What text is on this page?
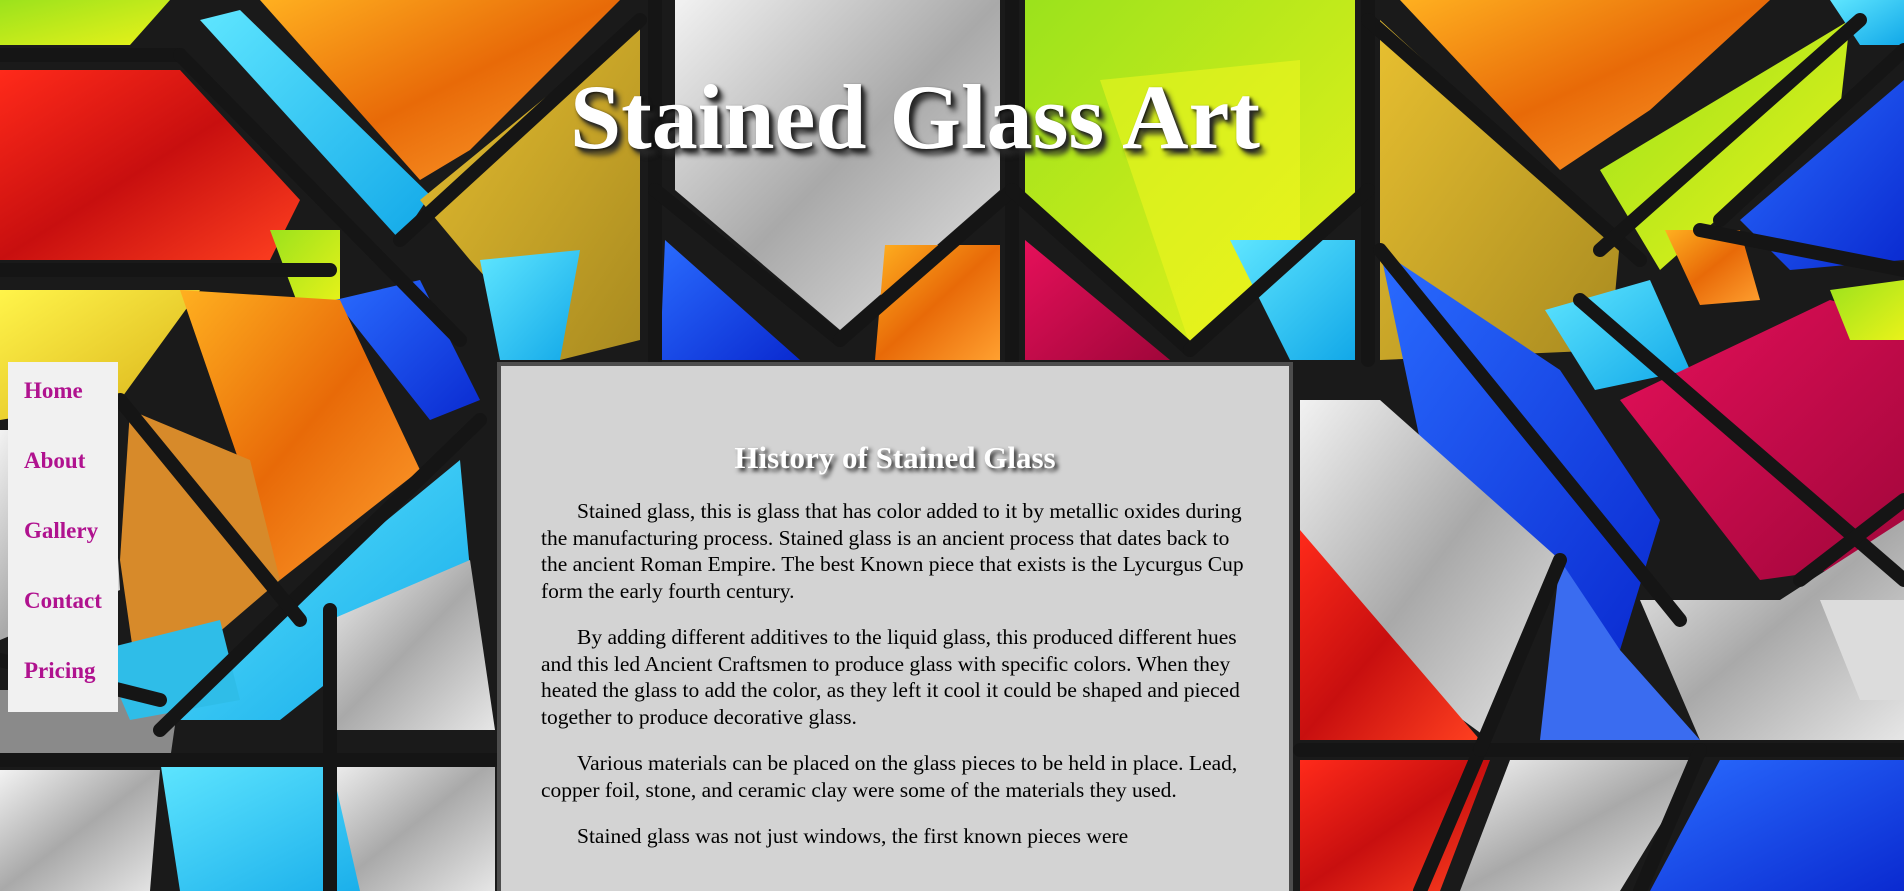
Stained Glass Art
Home
About
Gallery
Contact
Pricing
History of Stained Glass

Stained glass, this is glass that has color added to it by metallic oxides during the manufacturing process. Stained glass is an ancient process that dates back to the ancient Roman Empire. The best Known piece that exists is the Lycurgus Cup form the early fourth century.

By adding different additives to the liquid glass, this produced different hues and this led Ancient Craftsmen to produce glass with specific colors. When they heated the glass to add the color, as they left it cool it could be shaped and pieced together to produce decorative glass.

Various materials can be placed on the glass pieces to be held in place. Lead, copper foil, stone, and ceramic clay were some of the materials they used.

Stained glass was not just windows, the first known pieces were
